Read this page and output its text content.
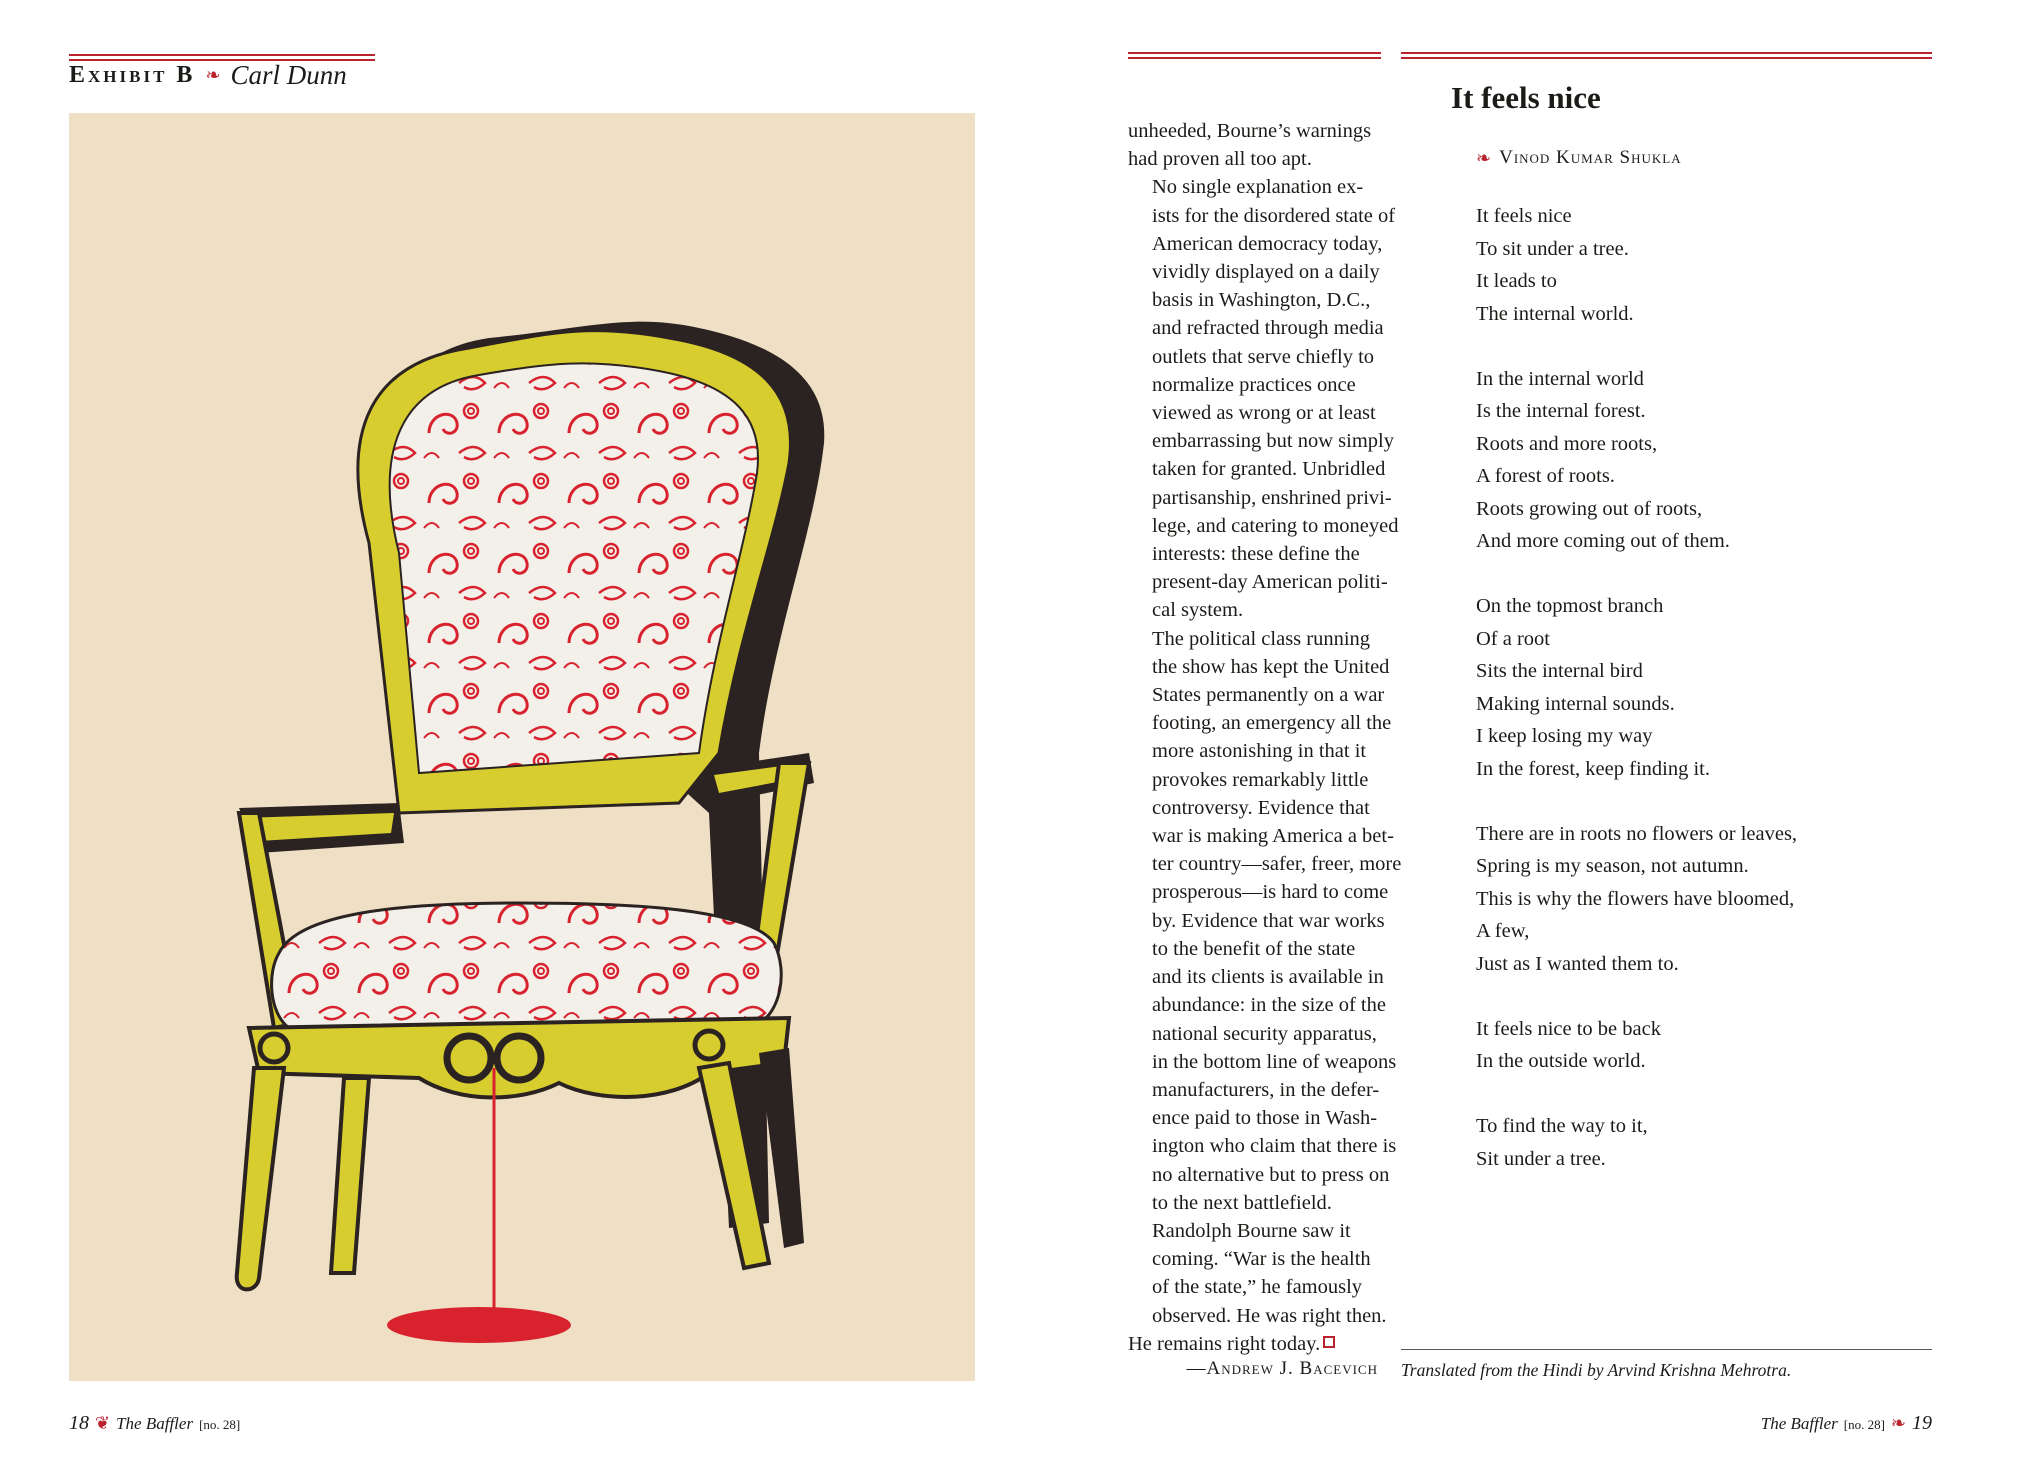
Exhibit B ❧ Carl Dunn
18 ❦ The Baffler [no. 28]

unheeded, Bourne’s warnings
had proven all too apt.

No single explanation ex-
ists for the disordered state of
American democracy today,
vividly displayed on a daily
basis in Washington, D.C.,
and refracted through media
outlets that serve chiefly to
normalize practices once
viewed as wrong or at least
embarrassing but now simply
taken for granted. Unbridled
partisanship, enshrined privi-
lege, and catering to moneyed
interests: these define the
present-day American politi-
cal system.

The political class running
the show has kept the United
States permanently on a war
footing, an emergency all the
more astonishing in that it
provokes remarkably little
controversy. Evidence that
war is making America a bet-
ter country—safer, freer, more
prosperous—is hard to come
by. Evidence that war works
to the benefit of the state
and its clients is available in
abundance: in the size of the
national security apparatus,
in the bottom line of weapons
manufacturers, in the defer-
ence paid to those in Wash-
ington who claim that there is
no alternative but to press on
to the next battlefield.

Randolph Bourne saw it
coming. “War is the health
of the state,” he famously
observed. He was right then.
He remains right today.

—Andrew J. Bacevich
It feels nice
❧ Vinod Kumar Shukla
It feels nice
To sit under a tree.
It leads to
The internal world.
In the internal world
Is the internal forest.
Roots and more roots,
A forest of roots.
Roots growing out of roots,
And more coming out of them.
On the topmost branch
Of a root
Sits the internal bird
Making internal sounds.
I keep losing my way
In the forest, keep finding it.
There are in roots no flowers or leaves,
Spring is my season, not autumn.
This is why the flowers have bloomed,
A few,
Just as I wanted them to.
It feels nice to be back
In the outside world.
To find the way to it,
Sit under a tree.
Translated from the Hindi by Arvind Krishna Mehrotra.
The Baffler [no. 28] ❧ 19
